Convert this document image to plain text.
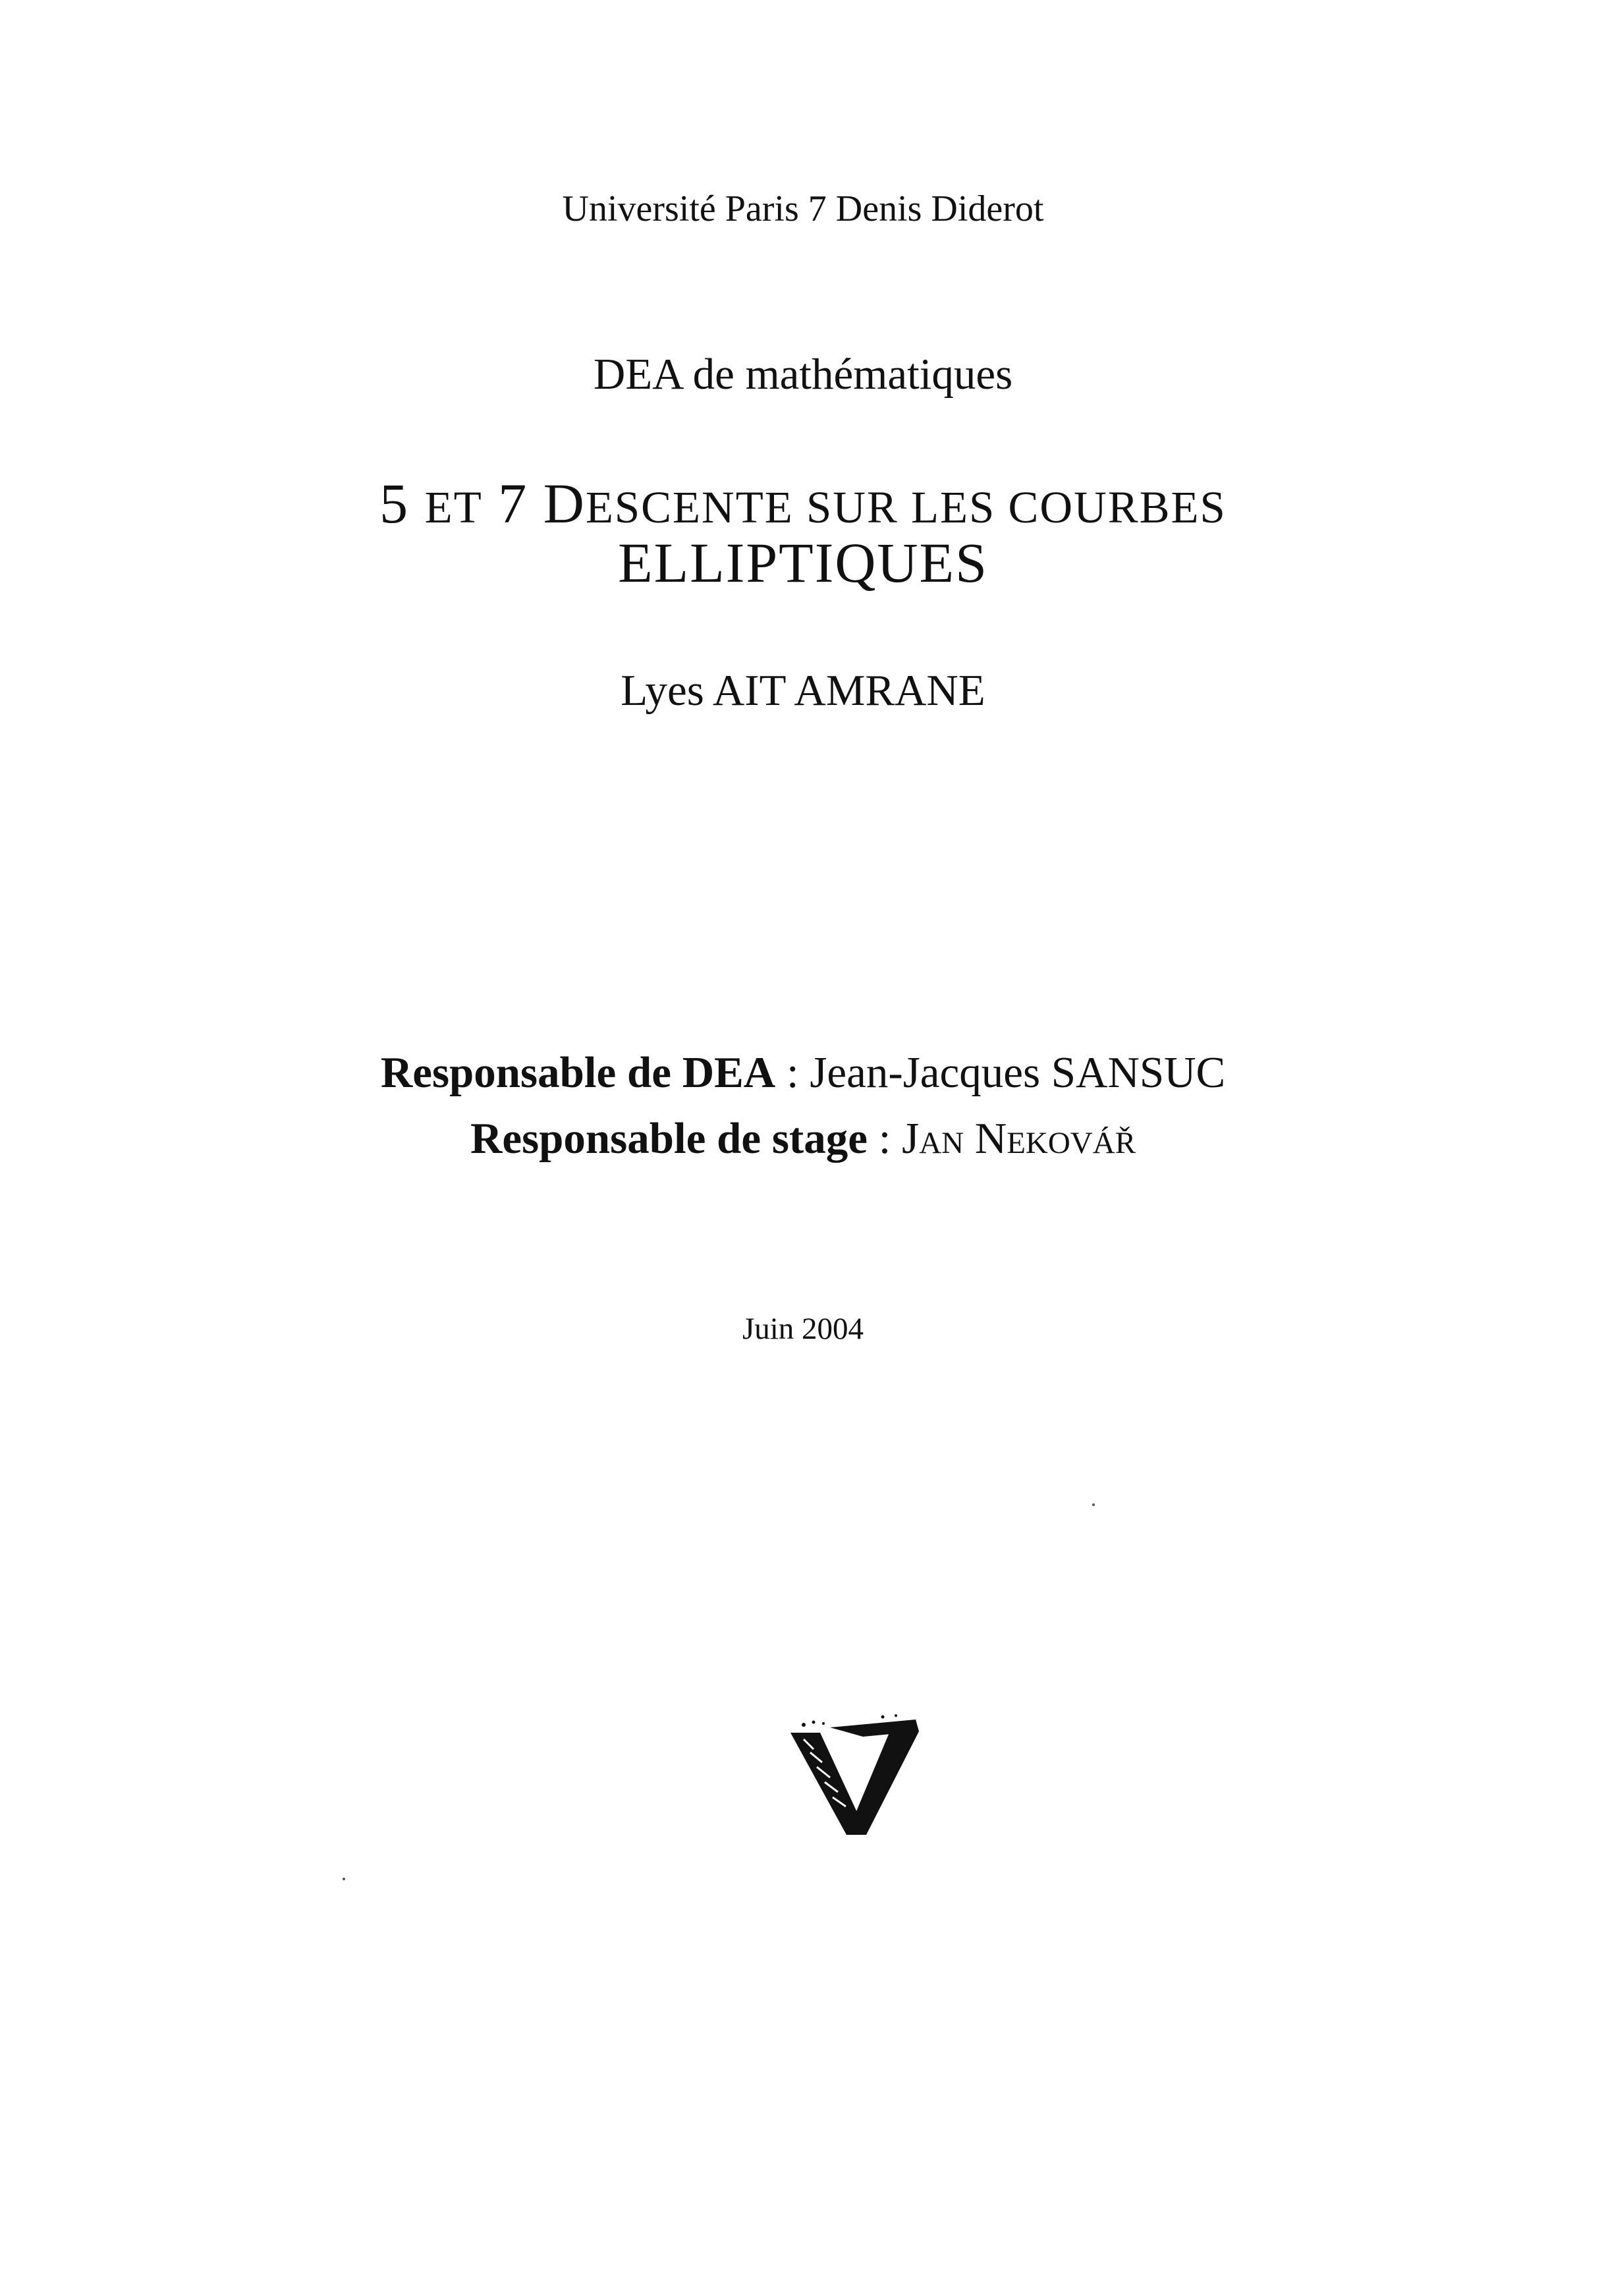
Université Paris 7 Denis Diderot
DEA de mathématiques
5 ET 7 DESCENTE SUR LES COURBES
ELLIPTIQUES
Lyes AIT AMRANE
Responsable de DEA : Jean-Jacques SANSUC
Responsable de stage : Jan Nekovář
Juin 2004
